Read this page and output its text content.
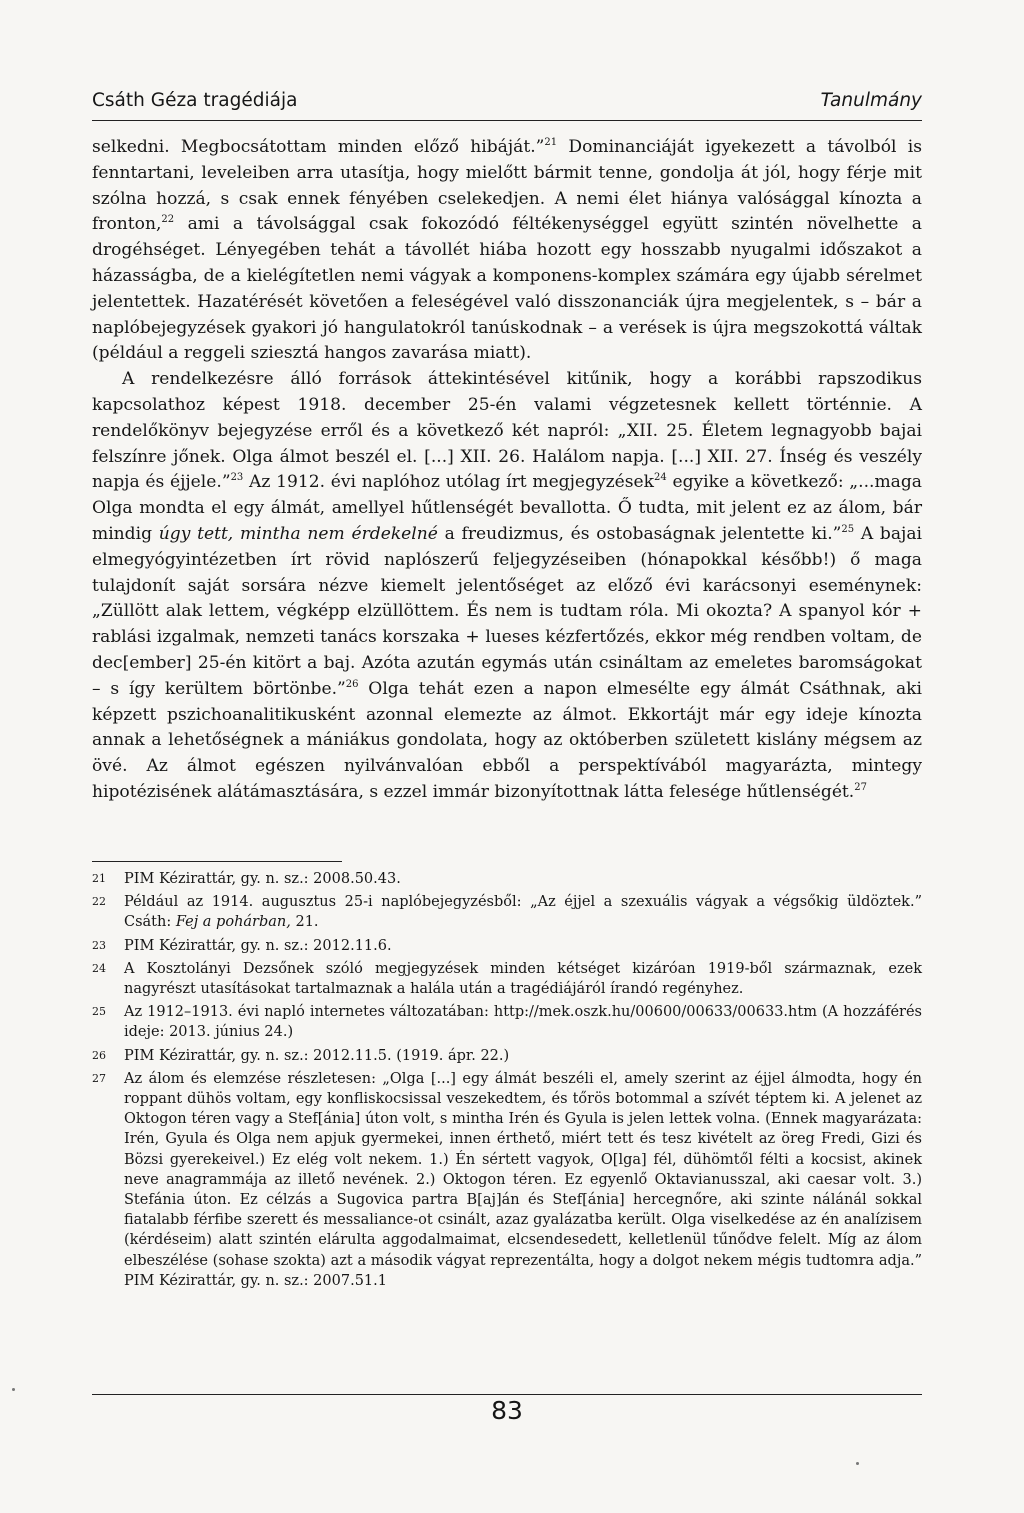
Csáth Géza tragédiája	Tanulmány

selkedni. Megbocsátottam minden előző hibáját.”$^{21}$ Dominanciáját igyekezett a távolból is fenntartani, leveleiben arra utasítja, hogy mielőtt bármit tenne, gondolja át jól, hogy férje mit szólna hozzá, s csak ennek fényében cselekedjen. A nemi élet hiánya valósággal kínozta a fronton,$^{22}$ ami a távolsággal csak fokozódó féltékenységgel együtt szintén növelhette a drogéhséget. Lényegében tehát a távollét hiába hozott egy hosszabb nyugalmi időszakot a házasságba, de a kielégítetlen nemi vágyak a komponens-komplex számára egy újabb sérelmet jelentettek. Hazatérését követően a feleségével való disszonanciák újra megjelentek, s – bár a naplóbejegyzések gyakori jó hangulatokról tanúskodnak – a verések is újra megszokottá váltak (például a reggeli sziesztá hangos zavarása miatt).

A rendelkezésre álló források áttekintésével kitűnik, hogy a korábbi rapszodikus kapcsolathoz képest 1918. december 25-én valami végzetesnek kellett történnie. A rendelőkönyv bejegyzése erről és a következő két napról: „XII. 25. Életem legnagyobb bajai felszínre jőnek. Olga álmot beszél el. [...] XII. 26. Halálom napja. [...] XII. 27. Ínség és veszély napja és éjjele.”$^{23}$ Az 1912. évi naplóhoz utólag írt megjegyzések$^{24}$ egyike a következő: „...maga Olga mondta el egy álmát, amellyel hűtlenségét bevallotta. Ő tudta, mit jelent ez az álom, bár mindig úgy tett, mintha nem érdekelné a freudizmus, és ostobaságnak jelentette ki.”$^{25}$ A bajai elmegyógyintézetben írt rövid naplószerű feljegyzéseiben (hónapokkal később!) ő maga tulajdonít saját sorsára nézve kiemelt jelentőséget az előző évi karácsonyi eseménynek: „Züllött alak lettem, végképp elzüllöttem. És nem is tudtam róla. Mi okozta? A spanyol kór + rablási izgalmak, nemzeti tanács korszaka + lueses kézfertőzés, ekkor még rendben voltam, de dec[ember] 25-én kitört a baj. Azóta azután egymás után csináltam az emeletes baromságokat – s így kerültem börtönbe.”$^{26}$ Olga tehát ezen a napon elmesélte egy álmát Csáthnak, aki képzett pszichoanalitikusként azonnal elemezte az álmot. Ekkortájt már egy ideje kínozta annak a lehetőségnek a mániákus gondolata, hogy az októberben született kislány mégsem az övé. Az álmot egészen nyilvánvalóan ebből a perspektívából magyarázta, mintegy hipotézisének alátámasztására, s ezzel immár bizonyítottnak látta felesége hűtlenségét.$^{27}$

21 PIM Kézirattár, gy. n. sz.: 2008.50.43.
22 Például az 1914. augusztus 25-i naplóbejegyzésből: „Az éjjel a szexuális vágyak a végsőkig üldöztek.” Csáth: Fej a pohárban, 21.
23 PIM Kézirattár, gy. n. sz.: 2012.11.6.
24 A Kosztolányi Dezsőnek szóló megjegyzések minden kétséget kizáróan 1919-ből származnak, ezek nagyrészt utasításokat tartalmaznak a halála után a tragédiájáról írandó regényhez.
25 Az 1912–1913. évi napló internetes változatában: http://mek.oszk.hu/00600/00633/00633.htm (A hozzáférés ideje: 2013. június 24.)
26 PIM Kézirattár, gy. n. sz.: 2012.11.5. (1919. ápr. 22.)
27 Az álom és elemzése részletesen: „Olga [...] egy álmát beszéli el, amely szerint az éjjel álmodta, hogy én roppant dühös voltam, egy konfliskocsissal veszekedtem, és tőrös botommal a szívét téptem ki. A jelenet az Oktogon téren vagy a Stef[ánia] úton volt, s mintha Irén és Gyula is jelen lettek volna. (Ennek magyarázata: Irén, Gyula és Olga nem apjuk gyermekei, innen érthető, miért tett és tesz kivételt az öreg Fredi, Gizi és Bözsi gyerekeivel.) Ez elég volt nekem. 1.) Én sértett vagyok, O[lga] fél, dühömtől félti a kocsist, akinek neve anagrammája az illető nevének. 2.) Oktogon téren. Ez egyenlő Oktavianusszal, aki caesar volt. 3.) Stefánia úton. Ez célzás a Sugovica partra B[aj]án és Stef[ánia] hercegnőre, aki szinte nálánál sokkal fiatalabb férfibe szerett és messaliance-ot csinált, azaz gyalázatba került. Olga viselkedése az én analízisem (kérdéseim) alatt szintén elárulta aggodalmaimat, elcsendesedett, kelletlenül tűnődve felelt. Míg az álom elbeszélése (sohase szokta) azt a második vágyat reprezentálta, hogy a dolgot nekem mégis tudtomra adja.” PIM Kézirattár, gy. n. sz.: 2007.51.1
83
